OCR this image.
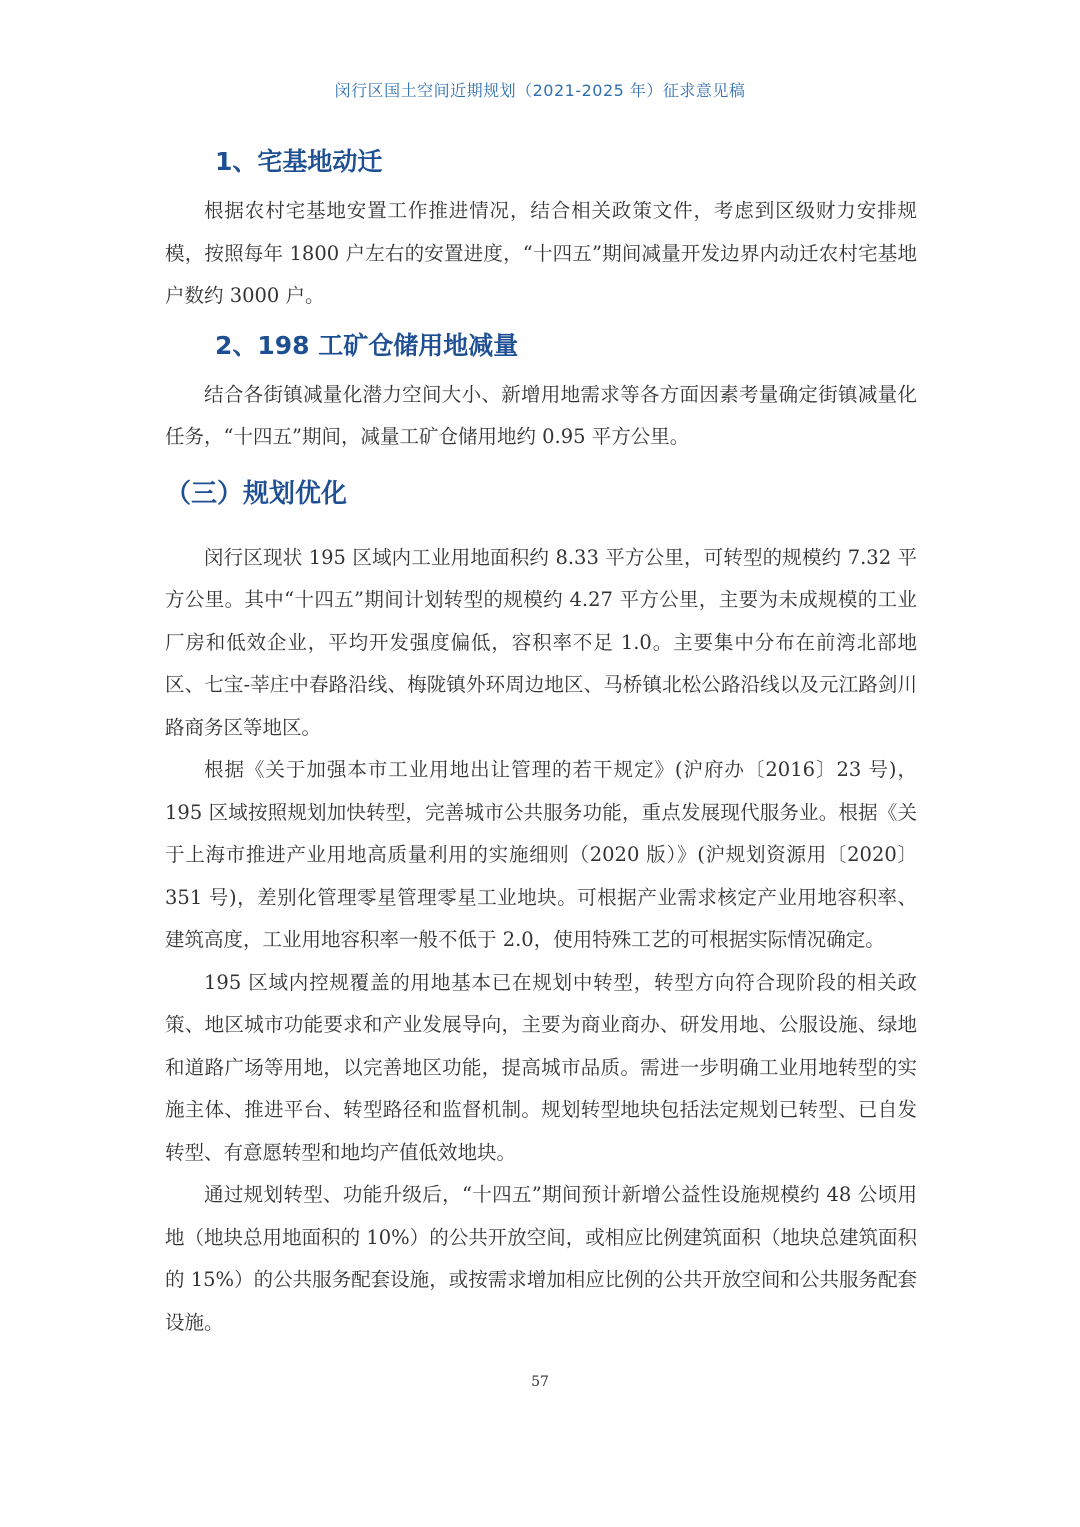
闵行区国土空间近期规划（2021-2025 年）征求意见稿
1、宅基地动迁

根据农村宅基地安置工作推进情况，结合相关政策文件，考虑到区级财力安排规模，按照每年 1800 户左右的安置进度，“十四五”期间减量开发边界内动迁农村宅基地户数约 3000 户。

2、198 工矿仓储用地减量

结合各街镇减量化潜力空间大小、新增用地需求等各方面因素考量确定街镇减量化任务，“十四五”期间，减量工矿仓储用地约 0.95 平方公里。

（三）规划优化

闵行区现状 195 区域内工业用地面积约 8.33 平方公里，可转型的规模约 7.32 平方公里。其中“十四五”期间计划转型的规模约 4.27 平方公里，主要为未成规模的工业厂房和低效企业，平均开发强度偏低，容积率不足 1.0。主要集中分布在前湾北部地区、七宝-莘庄中春路沿线、梅陇镇外环周边地区、马桥镇北松公路沿线以及元江路剑川路商务区等地区。

根据《关于加强本市工业用地出让管理的若干规定》(沪府办〔2016〕23 号)，195 区域按照规划加快转型，完善城市公共服务功能，重点发展现代服务业。根据《关于上海市推进产业用地高质量利用的实施细则（2020 版）》(沪规划资源用〔2020〕351 号)，差别化管理零星管理零星工业地块。可根据产业需求核定产业用地容积率、建筑高度，工业用地容积率一般不低于 2.0，使用特殊工艺的可根据实际情况确定。

195 区域内控规覆盖的用地基本已在规划中转型，转型方向符合现阶段的相关政策、地区城市功能要求和产业发展导向，主要为商业商办、研发用地、公服设施、绿地和道路广场等用地，以完善地区功能，提高城市品质。需进一步明确工业用地转型的实施主体、推进平台、转型路径和监督机制。规划转型地块包括法定规划已转型、已自发转型、有意愿转型和地均产值低效地块。

通过规划转型、功能升级后，“十四五”期间预计新增公益性设施规模约 48 公顷用地（地块总用地面积的 10%）的公共开放空间，或相应比例建筑面积（地块总建筑面积的 15%）的公共服务配套设施，或按需求增加相应比例的公共开放空间和公共服务配套设施。

57
